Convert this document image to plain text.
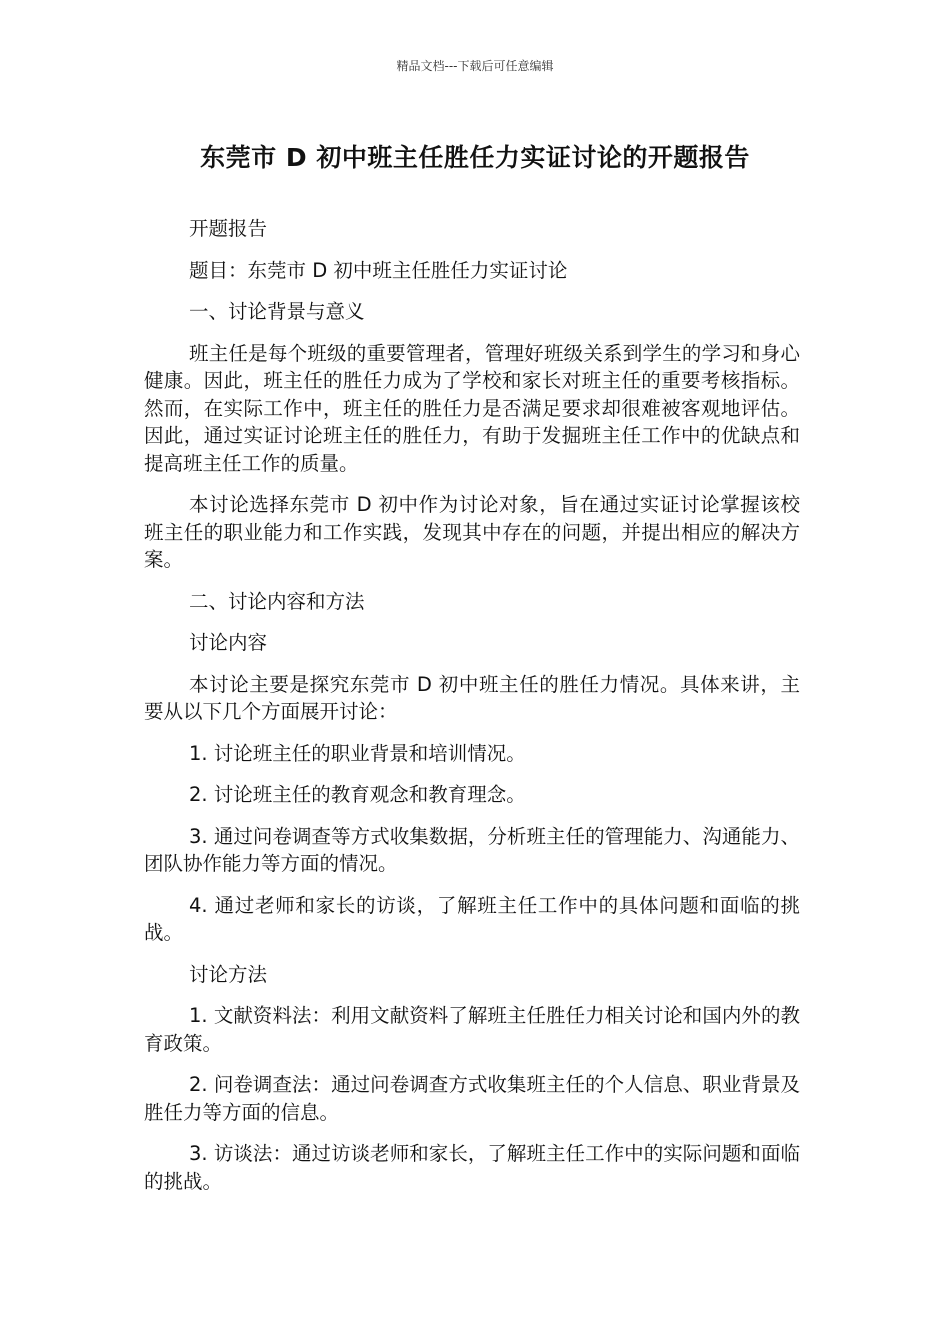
精品文档---下载后可任意编辑
东莞市 D 初中班主任胜任力实证讨论的开题报告

开题报告

题目：东莞市 D 初中班主任胜任力实证讨论

一、讨论背景与意义

班主任是每个班级的重要管理者，管理好班级关系到学生的学习和身心健康。因此，班主任的胜任力成为了学校和家长对班主任的重要考核指标。然而，在实际工作中，班主任的胜任力是否满足要求却很难被客观地评估。因此，通过实证讨论班主任的胜任力，有助于发掘班主任工作中的优缺点和提高班主任工作的质量。

本讨论选择东莞市 D 初中作为讨论对象，旨在通过实证讨论掌握该校班主任的职业能力和工作实践，发现其中存在的问题，并提出相应的解决方案。

二、讨论内容和方法

讨论内容

本讨论主要是探究东莞市 D 初中班主任的胜任力情况。具体来讲，主要从以下几个方面展开讨论：

1. 讨论班主任的职业背景和培训情况。

2. 讨论班主任的教育观念和教育理念。

3. 通过问卷调查等方式收集数据，分析班主任的管理能力、沟通能力、团队协作能力等方面的情况。

4. 通过老师和家长的访谈，了解班主任工作中的具体问题和面临的挑战。

讨论方法

1. 文献资料法：利用文献资料了解班主任胜任力相关讨论和国内外的教育政策。

2. 问卷调查法：通过问卷调查方式收集班主任的个人信息、职业背景及胜任力等方面的信息。

3. 访谈法：通过访谈老师和家长，了解班主任工作中的实际问题和面临的挑战。
